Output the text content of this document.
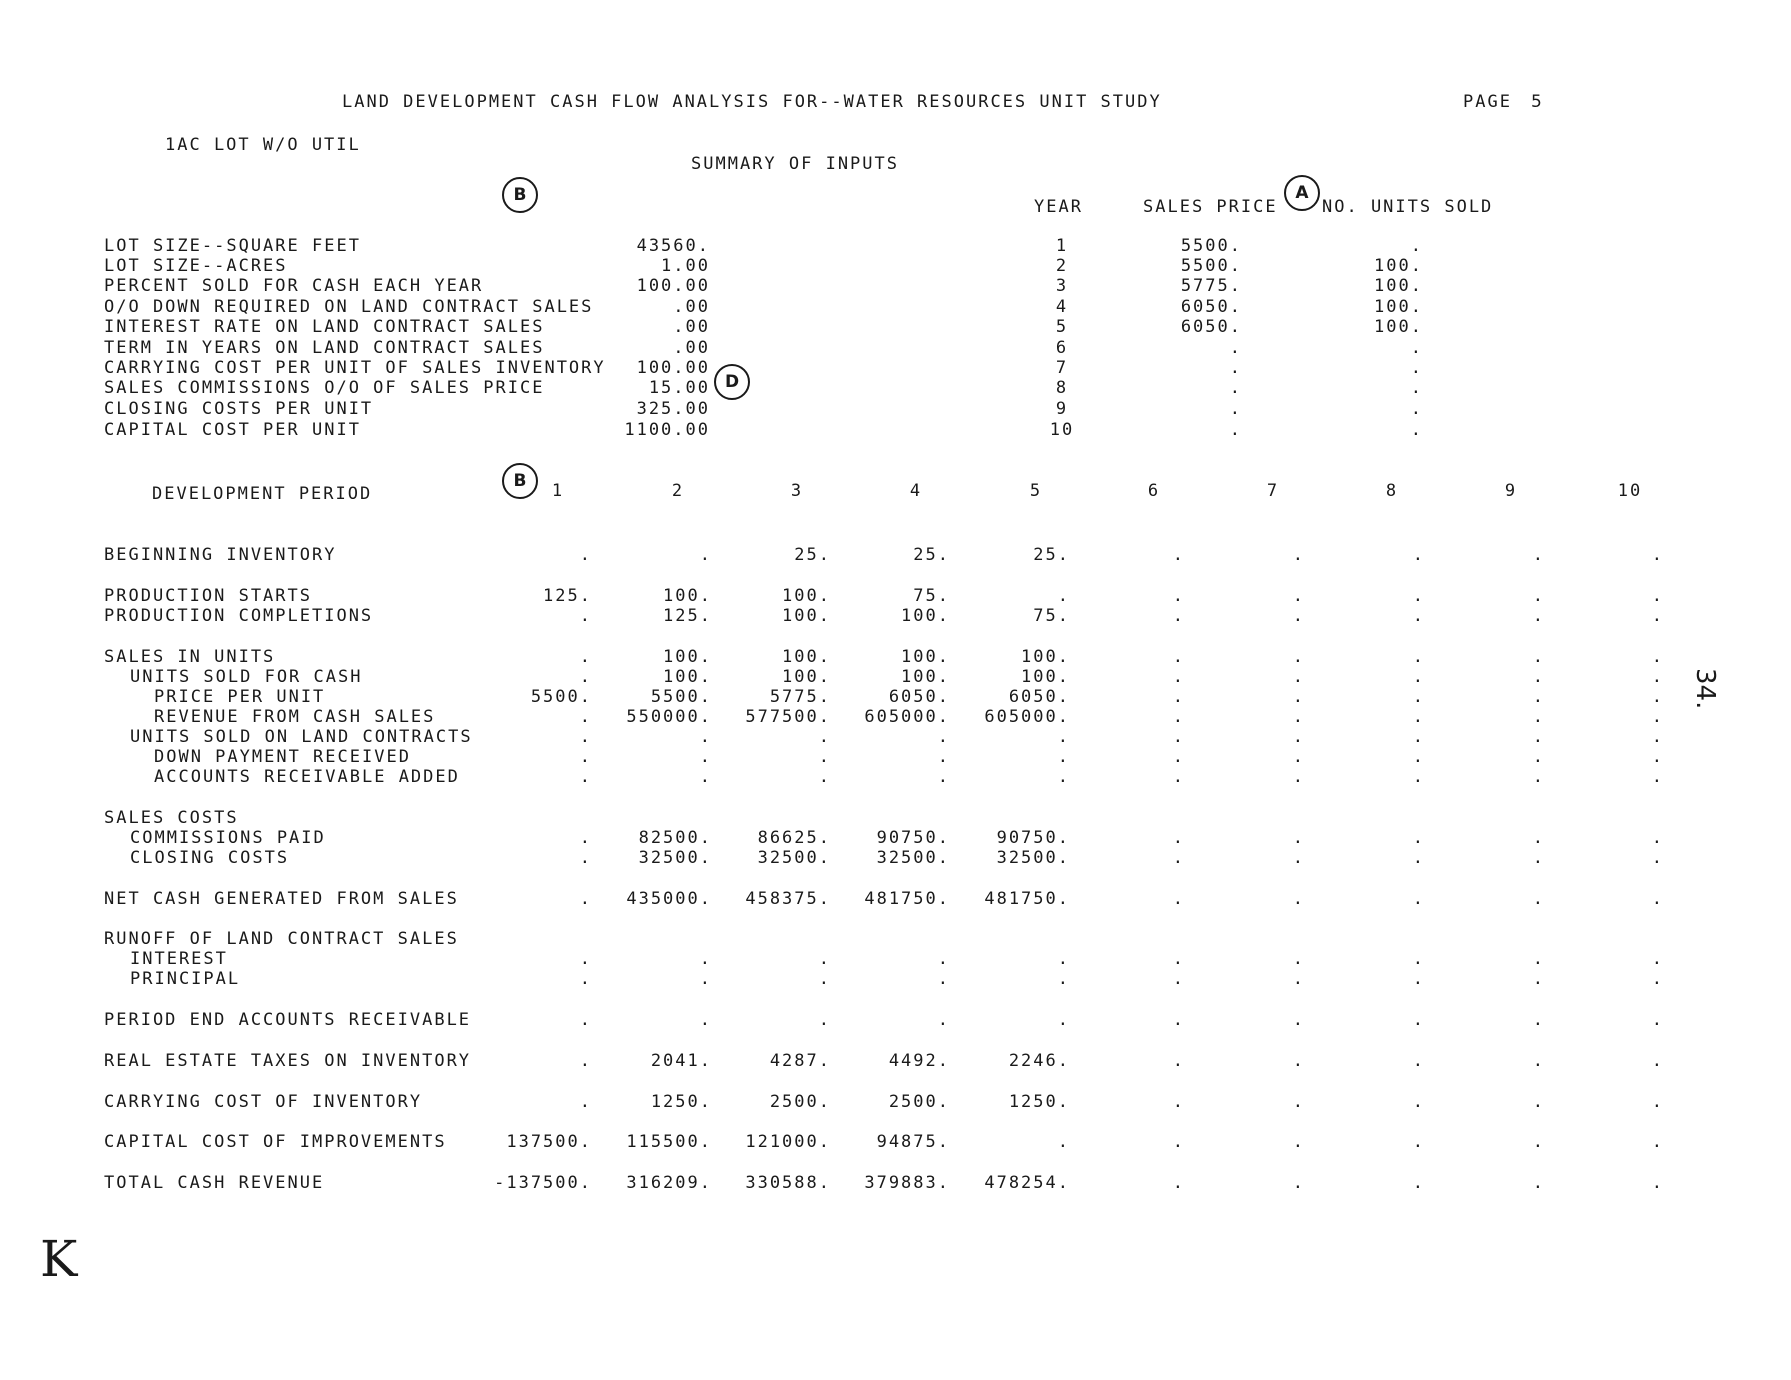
LAND DEVELOPMENT CASH FLOW ANALYSIS FOR--WATER RESOURCES UNIT STUDY	PAGE 5
1AC LOT W/O UTIL
SUMMARY OF INPUTS
B	A
D
B
YEAR	SALES PRICE	NO. UNITS SOLD
DEVELOPMENT PERIOD
34.
K
LOT SIZE--SQUARE FEET	43560.
LOT SIZE--ACRES	1.00
PERCENT SOLD FOR CASH EACH YEAR	100.00
O/O DOWN REQUIRED ON LAND CONTRACT SALES	.00
INTEREST RATE ON LAND CONTRACT SALES	.00
TERM IN YEARS ON LAND CONTRACT SALES	.00
CARRYING COST PER UNIT OF SALES INVENTORY	100.00
SALES COMMISSIONS O/O OF SALES PRICE	15.00
CLOSING COSTS PER UNIT	325.00
CAPITAL COST PER UNIT	1100.00
1	5500.	.
2	5500.	100.
3	5775.	100.
4	6050.	100.
5	6050.	100.
6	.	.
7	.	.
8	.	.
9	.	.
10	.	.
1	2	3	4	5	6	7	8	9	10
BEGINNING INVENTORY	.	.	25.	25.	25.	.	.	.	.	.
PRODUCTION STARTS	125.	100.	100.	75.	.	.	.	.	.	.
PRODUCTION COMPLETIONS	.	125.	100.	100.	75.	.	.	.	.	.
SALES IN UNITS	.	100.	100.	100.	100.	.	.	.	.	.
UNITS SOLD FOR CASH	.	100.	100.	100.	100.	.	.	.	.	.
PRICE PER UNIT	5500.	5500.	5775.	6050.	6050.	.	.	.	.	.
REVENUE FROM CASH SALES	.	550000.	577500.	605000.	605000.	.	.	.	.	.
UNITS SOLD ON LAND CONTRACTS	.	.	.	.	.	.	.	.	.	.
DOWN PAYMENT RECEIVED	.	.	.	.	.	.	.	.	.	.
ACCOUNTS RECEIVABLE ADDED	.	.	.	.	.	.	.	.	.	.
SALES COSTS
COMMISSIONS PAID	.	82500.	86625.	90750.	90750.	.	.	.	.	.
CLOSING COSTS	.	32500.	32500.	32500.	32500.	.	.	.	.	.
NET CASH GENERATED FROM SALES	.	435000.	458375.	481750.	481750.	.	.	.	.	.
RUNOFF OF LAND CONTRACT SALES
INTEREST	.	.	.	.	.	.	.	.	.	.
PRINCIPAL	.	.	.	.	.	.	.	.	.	.
PERIOD END ACCOUNTS RECEIVABLE	.	.	.	.	.	.	.	.	.	.
REAL ESTATE TAXES ON INVENTORY	.	2041.	4287.	4492.	2246.	.	.	.	.	.
CARRYING COST OF INVENTORY	.	1250.	2500.	2500.	1250.	.	.	.	.	.
CAPITAL COST OF IMPROVEMENTS	137500.	115500.	121000.	94875.	.	.	.	.	.	.
TOTAL CASH REVENUE	-137500.	316209.	330588.	379883.	478254.	.	.	.	.	.
